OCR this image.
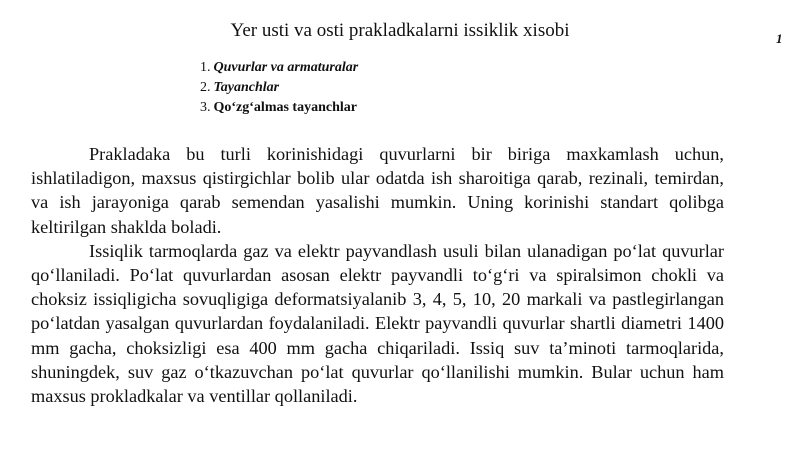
Yer usti va osti prakladkalarni issiklik xisobi	1
1. Quvurlar va armaturalar
2. Tayanchlar
3. Qo‘zg‘almas tayanchlar

Prakladaka bu turli korinishidagi quvurlarni bir biriga maxkamlash uchun, ishlatiladigon, maxsus qistirgichlar bolib ular odatda ish sharoitiga qarab, rezinali, temirdan, va ish jarayoniga qarab semendan yasalishi mumkin. Uning korinishi standart qolibga keltirilgan shaklda boladi.

Issiqlik tarmoqlarda gaz va elektr payvandlash usuli bilan ulanadigan po‘lat quvurlar qo‘llaniladi. Po‘lat quvurlardan asosan elektr payvandli to‘g‘ri va spiralsimon chokli va choksiz issiqligicha sovuqligiga deformatsiyalanib 3, 4, 5, 10, 20 markali va pastlegirlangan po‘latdan yasalgan quvurlardan foydalaniladi. Elektr payvandli quvurlar shartli diametri 1400 mm gacha, choksizligi esa 400 mm gacha chiqariladi. Issiq suv ta’minoti tarmoqlarida, shuningdek, suv gaz o‘tkazuvchan po‘lat quvurlar qo‘llanilishi mumkin. Bular uchun ham maxsus prokladkalar va ventillar qollaniladi.
